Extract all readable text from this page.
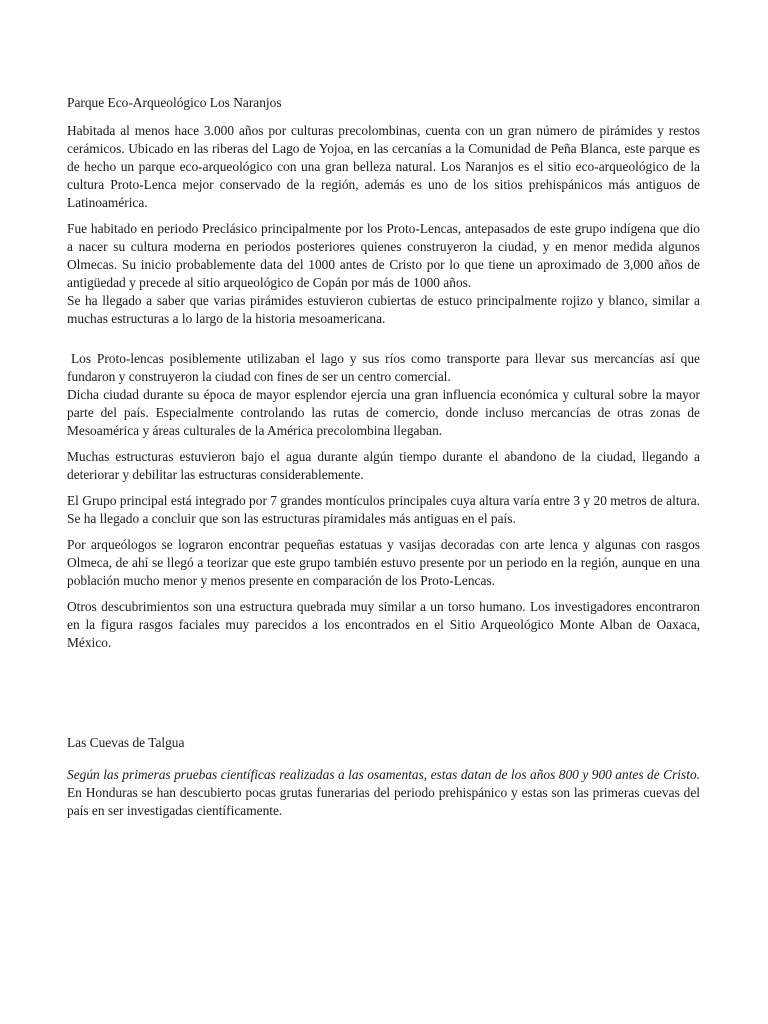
Parque Eco-Arqueológico Los Naranjos

Habitada al menos hace 3.000 años por culturas precolombinas, cuenta con un gran número de pirámides y restos cerámicos. Ubicado en las riberas del Lago de Yojoa, en las cercanías a la Comunidad de Peña Blanca, este parque es de hecho un parque eco-arqueológico con una gran belleza natural. Los Naranjos es el sitio eco-arqueológico de la cultura Proto-Lenca mejor conservado de la región, además es uno de los sitios prehispánicos más antiguos de Latinoamérica.

Fue habitado en periodo Preclásico principalmente por los Proto-Lencas, antepasados de este grupo indígena que dio a nacer su cultura moderna en periodos posteriores quienes construyeron la ciudad, y en menor medida algunos Olmecas. Su inicio probablemente data del 1000 antes de Cristo por lo que tiene un aproximado de 3,000 años de antigüedad y precede al sitio arqueológico de Copán por más de 1000 años.

Se ha llegado a saber que varias pirámides estuvieron cubiertas de estuco principalmente rojizo y blanco, similar a muchas estructuras a lo largo de la historia mesoamericana.

Los Proto-lencas posiblemente utilizaban el lago y sus ríos como transporte para llevar sus mercancías así que fundaron y construyeron la ciudad con fines de ser un centro comercial.

Dicha ciudad durante su época de mayor esplendor ejercía una gran influencia económica y cultural sobre la mayor parte del país. Especialmente controlando las rutas de comercio, donde incluso mercancías de otras zonas de Mesoamérica y áreas culturales de la América precolombina llegaban.

Muchas estructuras estuvieron bajo el agua durante algún tiempo durante el abandono de la ciudad, llegando a deteriorar y debilitar las estructuras considerablemente.

El Grupo principal está integrado por 7 grandes montículos principales cuya altura varía entre 3 y 20 metros de altura. Se ha llegado a concluir que son las estructuras piramidales más antiguas en el país.

Por arqueólogos se lograron encontrar pequeñas estatuas y vasijas decoradas con arte lenca y algunas con rasgos Olmeca, de ahí se llegó a teorizar que este grupo también estuvo presente por un periodo en la región, aunque en una población mucho menor y menos presente en comparación de los Proto-Lencas.

Otros descubrimientos son una estructura quebrada muy similar a un torso humano. Los investigadores encontraron en la figura rasgos faciales muy parecidos a los encontrados en el Sitio Arqueológico Monte Alban de Oaxaca, México.

Las Cuevas de Talgua

Según las primeras pruebas científicas realizadas a las osamentas, estas datan de los años 800 y 900 antes de Cristo. En Honduras se han descubierto pocas grutas funerarias del periodo prehispánico y estas son las primeras cuevas del país en ser investigadas científicamente.
